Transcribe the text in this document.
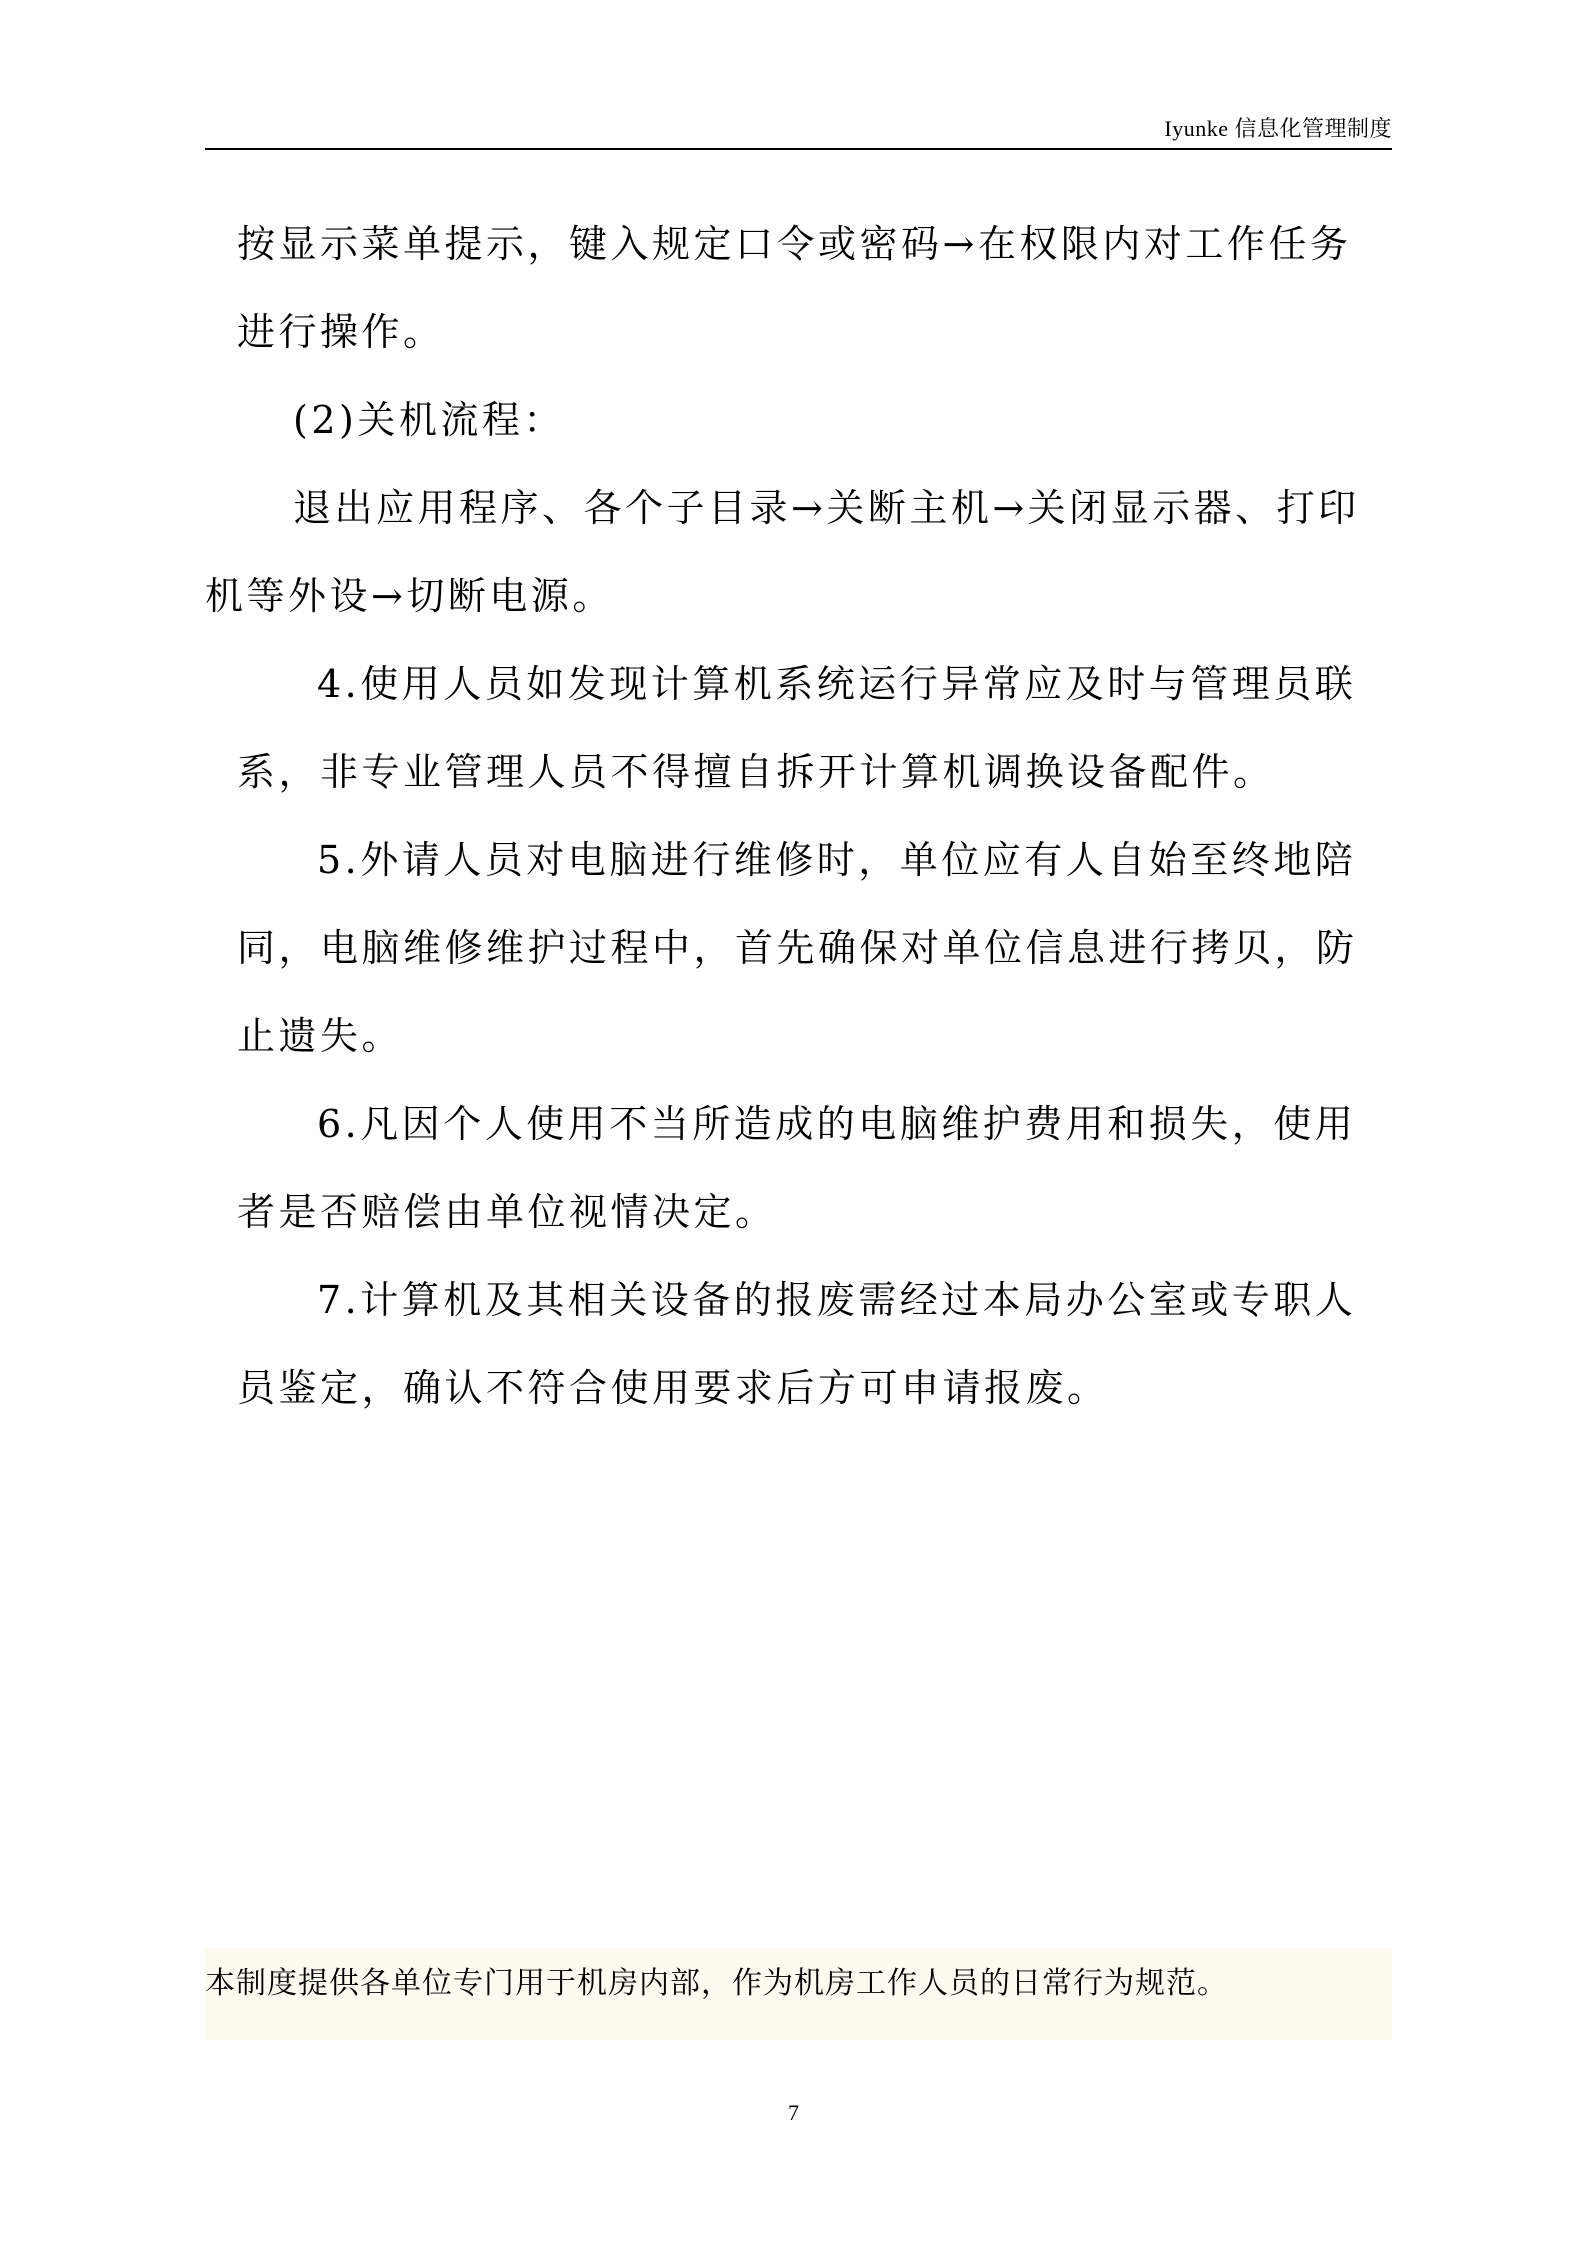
Iyunke 信息化管理制度

按显示菜单提示，键入规定口令或密码→在权限内对工作任务
进行操作。

(2)关机流程：

退出应用程序、各个子目录→关断主机→关闭显示器、打印
机等外设→切断电源。

4.使用人员如发现计算机系统运行异常应及时与管理员联
系，非专业管理人员不得擅自拆开计算机调换设备配件。

5.外请人员对电脑进行维修时，单位应有人自始至终地陪
同，电脑维修维护过程中，首先确保对单位信息进行拷贝，防
止遗失。

6.凡因个人使用不当所造成的电脑维护费用和损失，使用
者是否赔偿由单位视情决定。

7.计算机及其相关设备的报废需经过本局办公室或专职人
员鉴定，确认不符合使用要求后方可申请报废。

本制度提供各单位专门用于机房内部，作为机房工作人员的日常行为规范。
7
